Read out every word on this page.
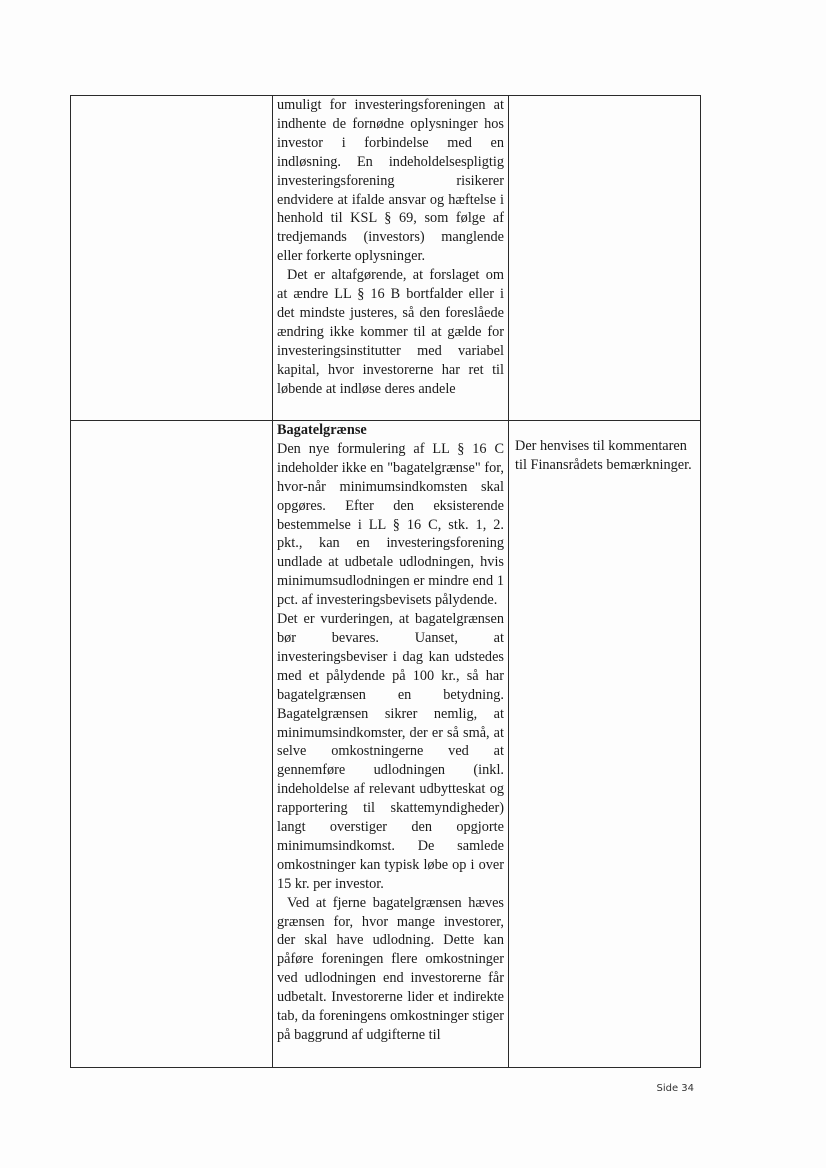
	umuligt for investeringsforeningen at indhente de fornødne oplysninger hos investor i forbindelse med en indløsning. En indeholdelsespligtig investeringsforening risikerer endvidere at ifalde ansvar og hæftelse i henhold til KSL § 69, som følge af tredjemands (investors) manglende eller forkerte oplysninger.

Det er altafgørende, at forslaget om at ændre LL § 16 B bortfalder eller i det mindste justeres, så den foreslåede ændring ikke kommer til at gælde for investeringsinstitutter med variabel kapital, hvor investorerne har ret til løbende at indløse deres andele	

	Bagatelgrænse

Den nye formulering af LL § 16 C indeholder ikke en "bagatelgrænse" for, hvor-når minimumsindkomsten skal opgøres. Efter den eksisterende bestemmelse i LL § 16 C, stk. 1, 2. pkt., kan en investeringsforening undlade at udbetale udlodningen, hvis minimumsudlodningen er mindre end 1 pct. af investeringsbevisets pålydende.

Det er vurderingen, at bagatelgrænsen bør bevares. Uanset, at investeringsbeviser i dag kan udstedes med et pålydende på 100 kr., så har bagatelgrænsen en betydning. Bagatelgrænsen sikrer nemlig, at minimumsindkomster, der er så små, at selve omkostningerne ved at gennemføre udlodningen (inkl. indeholdelse af relevant udbytteskat og rapportering til skattemyndigheder) langt overstiger den opgjorte minimumsindkomst. De samlede omkostninger kan typisk løbe op i over 15 kr. per investor.

Ved at fjerne bagatelgrænsen hæves grænsen for, hvor mange investorer, der skal have udlodning. Dette kan påføre foreningen flere omkostninger ved udlodningen end investorerne får udbetalt. Investorerne lider et indirekte tab, da foreningens omkostninger stiger på baggrund af udgifterne til	Der henvises til kommentaren til Finansrådets bemærkninger.

Side 34
